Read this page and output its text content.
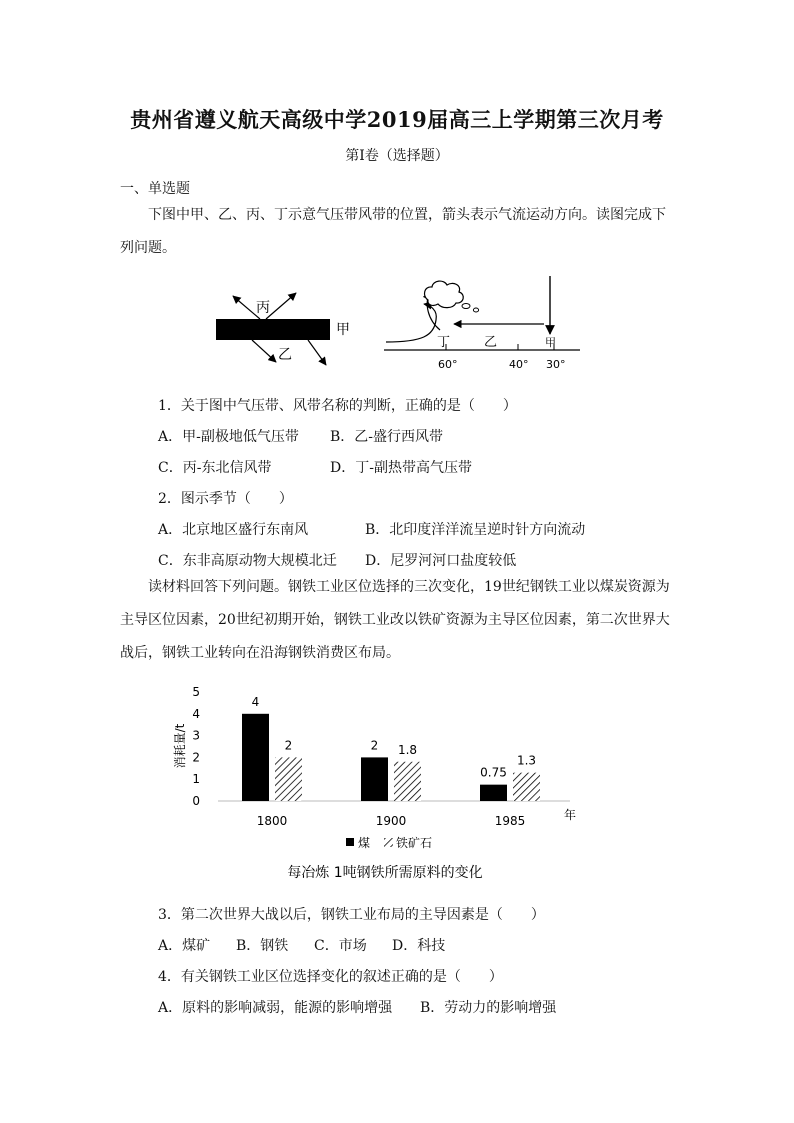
贵州省遵义航天高级中学2019届高三上学期第三次月考
第I卷（选择题）
一、单选题
下图中甲、乙、丙、丁示意气压带风带的位置，箭头表示气流运动方向。读图完成下列问题。
丙
乙
甲
丁	乙	甲
60°	40° 30°
1．关于图中气压带、风带名称的判断，正确的是（　　）
A．甲-副极地低气压带 B．乙-盛行西风带
C．丙-东北信风带	D．丁-副热带高气压带
2．图示季节（　　）
A．北京地区盛行东南风	B．北印度洋洋流呈逆时针方向流动
C．东非高原动物大规模北迁 D．尼罗河河口盐度较低
读材料回答下列问题。钢铁工业区位选择的三次变化，19世纪钢铁工业以煤炭资源为主导区位因素，20世纪初期开始，钢铁工业改以铁矿资源为主导区位因素，第二次世界大战后，钢铁工业转向在沿海钢铁消费区布局。
0
1
2
3
4
5
消耗量/t
4
2
1800
2 1.8
1900
0.75
1.3
1985	年
煤 铁矿石
每冶炼 1吨钢铁所需原料的变化
3．第二次世界大战以后，钢铁工业布局的主导因素是（　　）
A．煤矿 B．钢铁 C．市场 D．科技
4．有关钢铁工业区位选择变化的叙述正确的是（　　）
A．原料的影响减弱，能源的影响增强 B．劳动力的影响增强
